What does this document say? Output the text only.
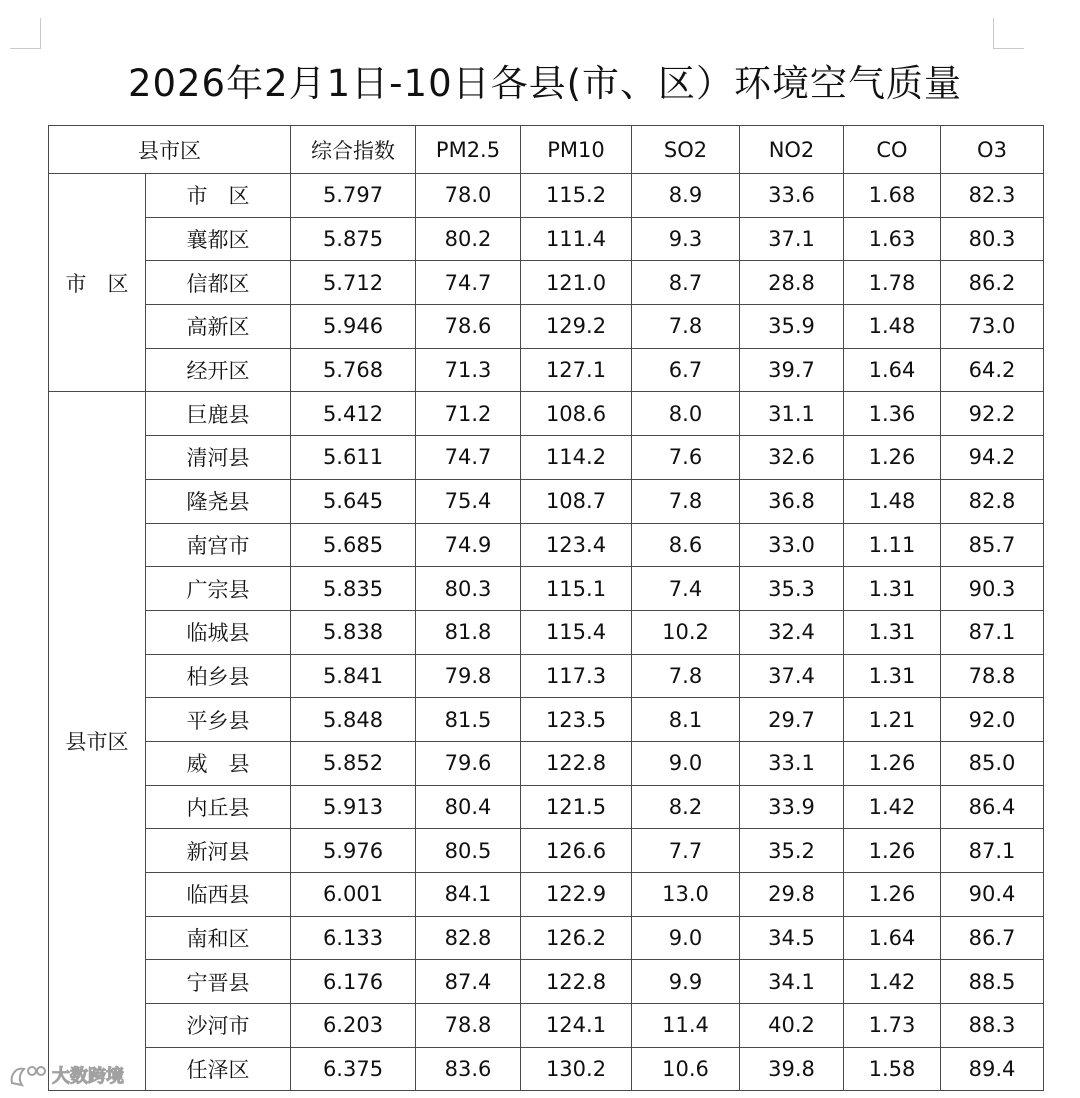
2026年2月1日-10日各县(市、区）环境空气质量
县市区		综合指数	PM2.5	PM10	SO2	NO2	CO	O3
市　区	市　区	5.797	78.0	115.2	8.9	33.6	1.68	82.3
	襄都区	5.875	80.2	111.4	9.3	37.1	1.63	80.3
	信都区	5.712	74.7	121.0	8.7	28.8	1.78	86.2
	高新区	5.946	78.6	129.2	7.8	35.9	1.48	73.0
	经开区	5.768	71.3	127.1	6.7	39.7	1.64	64.2
县市区	巨鹿县	5.412	71.2	108.6	8.0	31.1	1.36	92.2
	清河县	5.611	74.7	114.2	7.6	32.6	1.26	94.2
	隆尧县	5.645	75.4	108.7	7.8	36.8	1.48	82.8
	南宫市	5.685	74.9	123.4	8.6	33.0	1.11	85.7
	广宗县	5.835	80.3	115.1	7.4	35.3	1.31	90.3
	临城县	5.838	81.8	115.4	10.2	32.4	1.31	87.1
	柏乡县	5.841	79.8	117.3	7.8	37.4	1.31	78.8
	平乡县	5.848	81.5	123.5	8.1	29.7	1.21	92.0
	威　县	5.852	79.6	122.8	9.0	33.1	1.26	85.0
	内丘县	5.913	80.4	121.5	8.2	33.9	1.42	86.4
	新河县	5.976	80.5	126.6	7.7	35.2	1.26	87.1
	临西县	6.001	84.1	122.9	13.0	29.8	1.26	90.4
	南和区	6.133	82.8	126.2	9.0	34.5	1.64	86.7
	宁晋县	6.176	87.4	122.8	9.9	34.1	1.42	88.5
	沙河市	6.203	78.8	124.1	11.4	40.2	1.73	88.3
	任泽区	6.375	83.6	130.2	10.6	39.8	1.58	89.4
大数跨境
